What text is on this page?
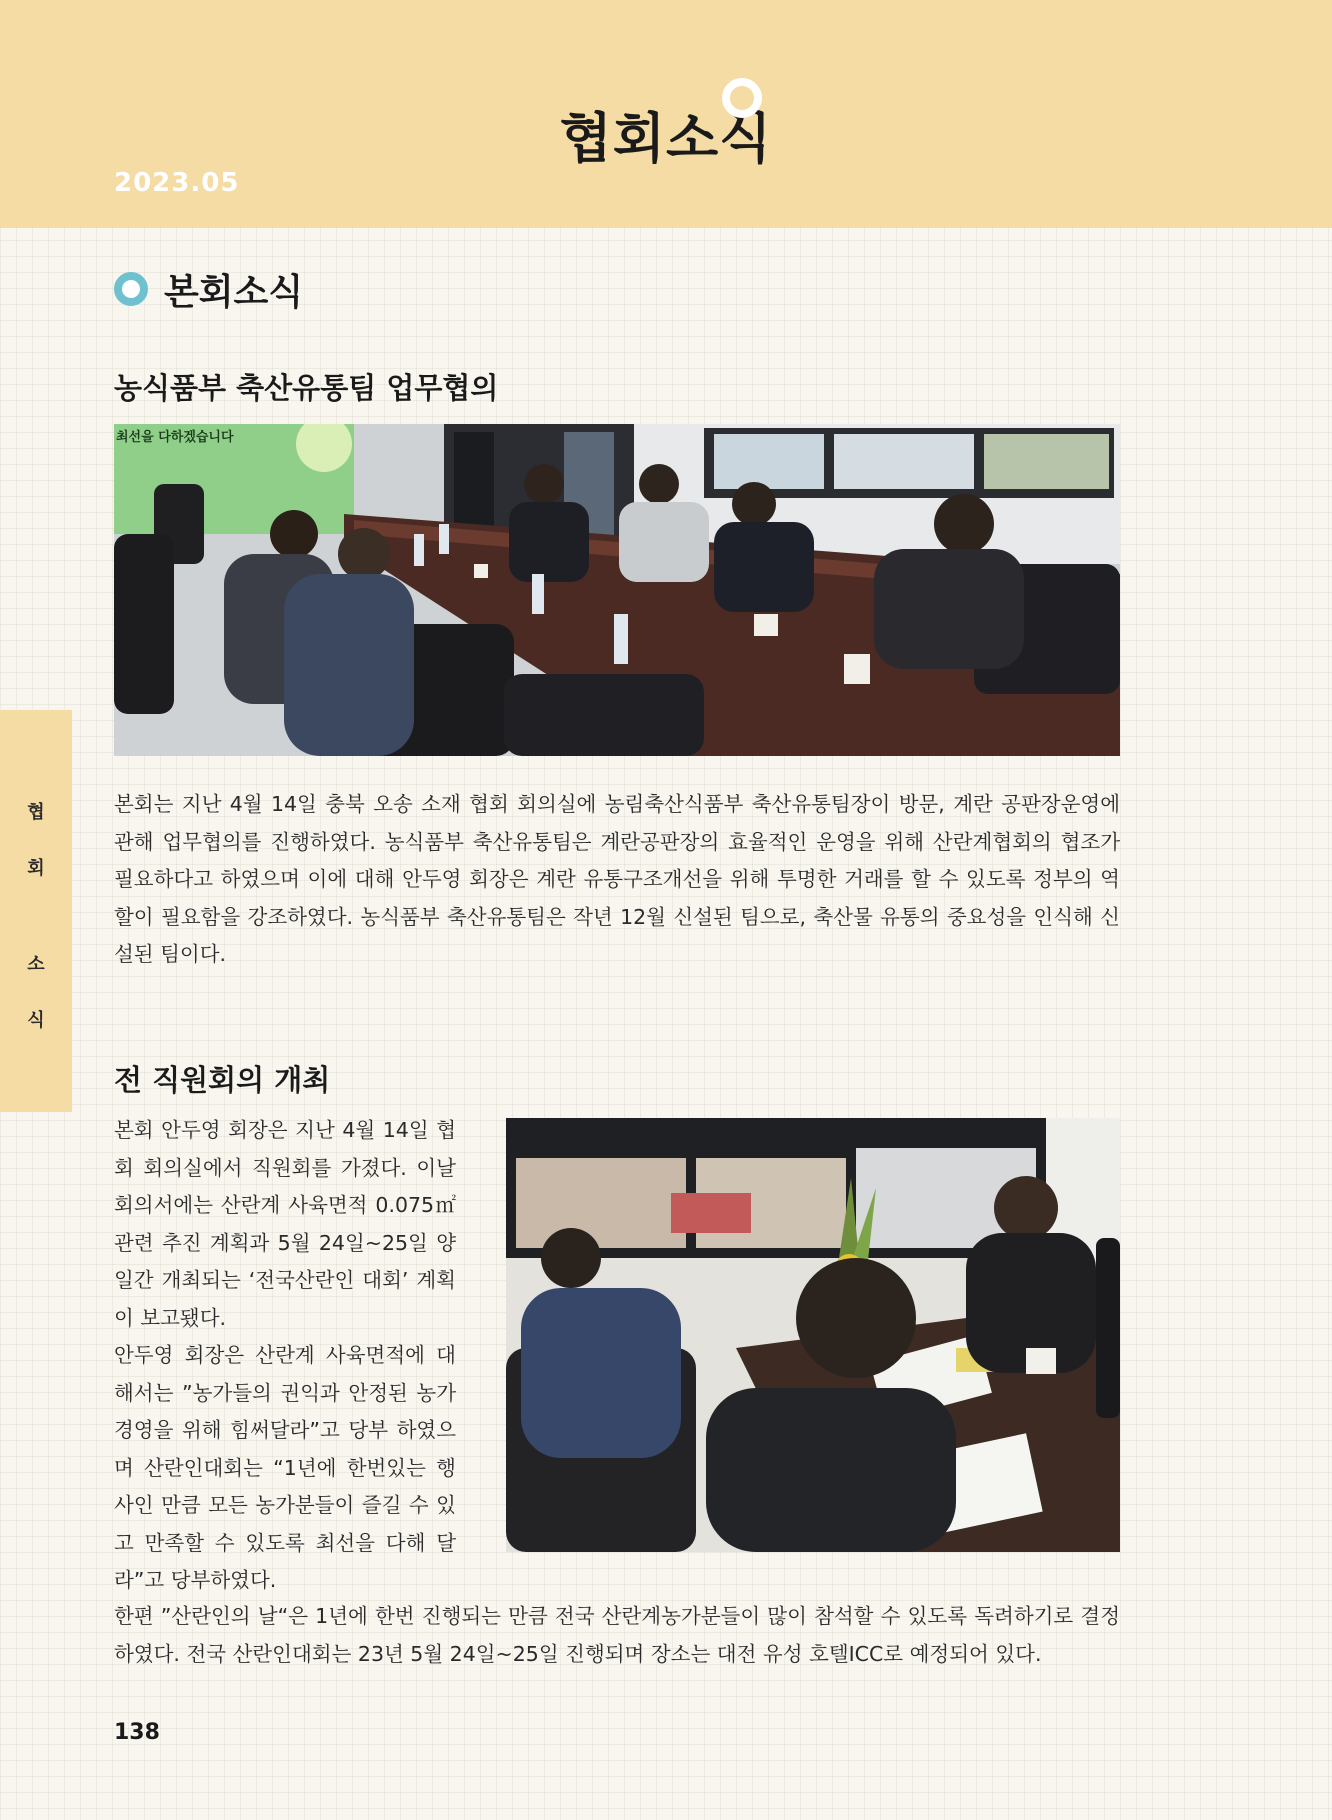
협회소식
2023.05
협
회
소
식
본회소식
농식품부 축산유통팀 업무협의
최선을 다하겠습니다
본회는 지난 4월 14일 충북 오송 소재 협회 회의실에 농림축산식품부 축산유통팀장이 방문, 계란 공판장운영에 관해 업무협의를 진행하였다. 농식품부 축산유통팀은 계란공판장의 효율적인 운영을 위해 산란계협회의 협조가 필요하다고 하였으며 이에 대해 안두영 회장은 계란 유통구조개선을 위해 투명한 거래를 할 수 있도록 정부의 역할이 필요함을 강조하였다. 농식품부 축산유통팀은 작년 12월 신설된 팀으로, 축산물 유통의 중요성을 인식해 신설된 팀이다.
전 직원회의 개최

본회 안두영 회장은 지난 4월 14일 협회 회의실에서 직원회를 가졌다. 이날 회의서에는 산란계 사육면적 0.075㎡ 관련 추진 계획과 5월 24일~25일 양일간 개최되는 ‘전국산란인 대회’ 계획이 보고됐다.

안두영 회장은 산란계 사육면적에 대해서는 ”농가들의 권익과 안정된 농가 경영을 위해 힘써달라”고 당부 하였으며 산란인대회는 “1년에 한번있는 행사인 만큼 모든 농가분들이 즐길 수 있고 만족할 수 있도록 최선을 다해 달라”고 당부하였다.

한편 ”산란인의 날“은 1년에 한번 진행되는 만큼 전국 산란계농가분들이 많이 참석할 수 있도록 독려하기로 결정하였다. 전국 산란인대회는 23년 5월 24일~25일 진행되며 장소는 대전 유성 호텔ICC로 예정되어 있다.
138
